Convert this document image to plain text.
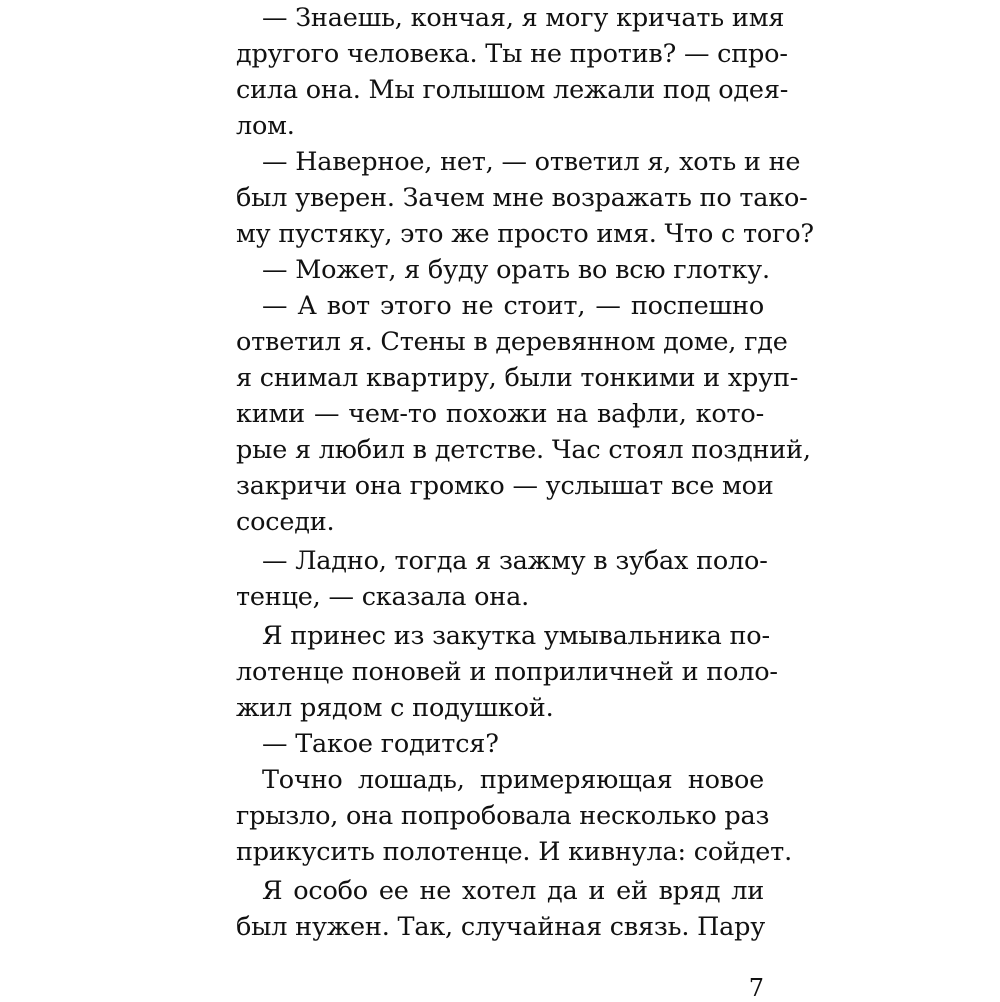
— Знаешь, кончая, я могу кричать имя
другого человека. Ты не против? — спро-
сила она. Мы голышом лежали под одея-
лом.
— Наверное, нет, — ответил я, хоть и не
был уверен. Зачем мне возражать по тако-
му пустяку, это же просто имя. Что с того?
— Может, я буду орать во всю глотку.
— А вот этого не стоит, — поспешно
ответил я. Стены в деревянном доме, где
я снимал квартиру, были тонкими и хруп-
кими — чем-то похожи на вафли, кото-
рые я любил в детстве. Час стоял поздний,
закричи она громко — услышат все мои
соседи.
— Ладно, тогда я зажму в зубах поло-
тенце, — сказала она.
Я принес из закутка умывальника по-
лотенце поновей и поприличней и поло-
жил рядом с подушкой.
— Такое годится?
Точно лошадь, примеряющая новое
грызло, она попробовала несколько раз
прикусить полотенце. И кивнула: сойдет.
Я особо ее не хотел да и ей вряд ли
был нужен. Так, случайная связь. Пару
7
